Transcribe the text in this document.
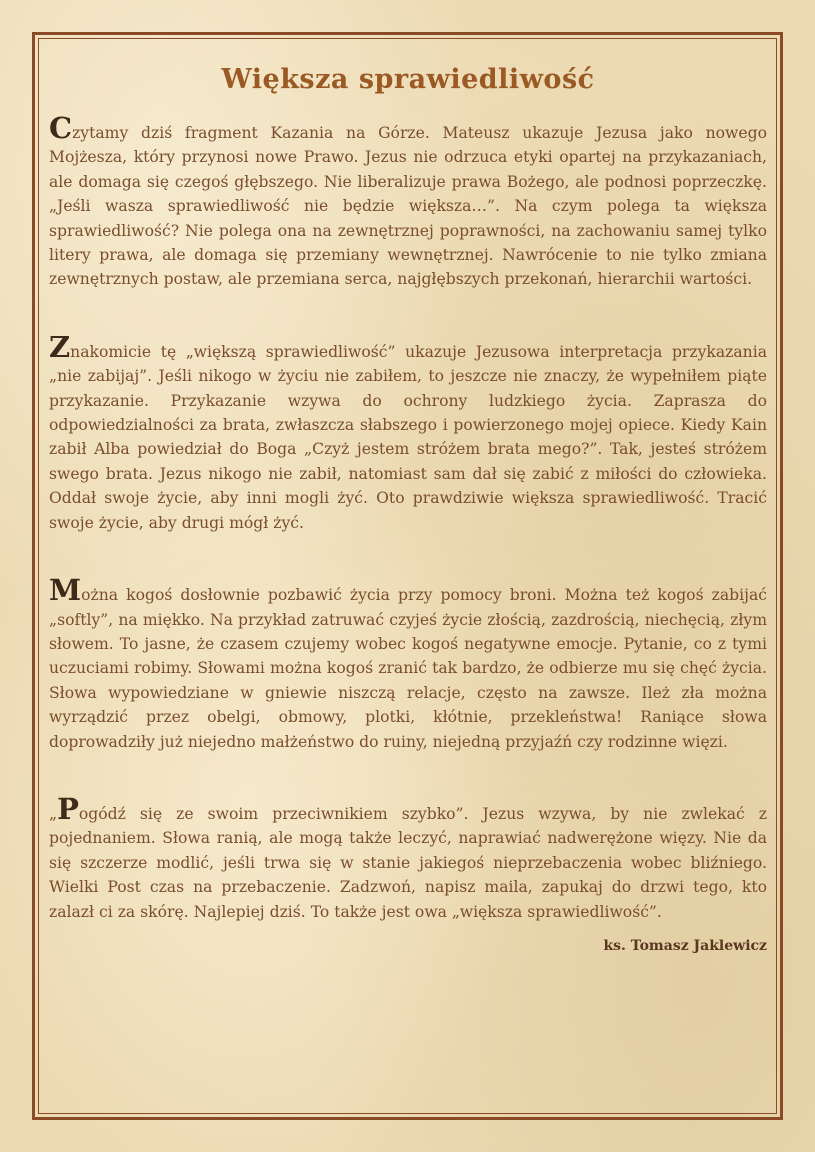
Większa sprawiedliwość

Czytamy dziś fragment Kazania na Górze. Mateusz ukazuje Jezusa jako nowego Mojżesza, który przynosi nowe Prawo. Jezus nie odrzuca etyki opartej na przykazaniach, ale domaga się czegoś głębszego. Nie liberalizuje prawa Bożego, ale podnosi poprzeczkę. „Jeśli wasza sprawiedliwość nie będzie większa…”. Na czym polega ta większa sprawiedliwość? Nie polega ona na zewnętrznej poprawności, na zachowaniu samej tylko litery prawa, ale domaga się przemiany wewnętrznej. Nawrócenie to nie tylko zmiana zewnętrznych postaw, ale przemiana serca, najgłębszych przekonań, hierarchii wartości.

Znakomicie tę „większą sprawiedliwość” ukazuje Jezusowa interpretacja przykazania „nie zabijaj”. Jeśli nikogo w życiu nie zabiłem, to jeszcze nie znaczy, że wypełniłem piąte przykazanie. Przykazanie wzywa do ochrony ludzkiego życia. Zaprasza do odpowiedzialności za brata, zwłaszcza słabszego i powierzonego mojej opiece. Kiedy Kain zabił Alba powiedział do Boga „Czyż jestem stróżem brata mego?”. Tak, jesteś stróżem swego brata. Jezus nikogo nie zabił, natomiast sam dał się zabić z miłości do człowieka. Oddał swoje życie, aby inni mogli żyć. Oto prawdziwie większa sprawiedliwość. Tracić swoje życie, aby drugi mógł żyć.

Można kogoś dosłownie pozbawić życia przy pomocy broni. Można też kogoś zabijać „softly”, na miękko. Na przykład zatruwać czyjeś życie złością, zazdrością, niechęcią, złym słowem. To jasne, że czasem czujemy wobec kogoś negatywne emocje. Pytanie, co z tymi uczuciami robimy. Słowami można kogoś zranić tak bardzo, że odbierze mu się chęć życia. Słowa wypowiedziane w gniewie niszczą relacje, często na zawsze. Ileż zła można wyrządzić przez obelgi, obmowy, plotki, kłótnie, przekleństwa! Raniące słowa doprowadziły już niejedno małżeństwo do ruiny, niejedną przyjaźń czy rodzinne więzi.

„Pogódź się ze swoim przeciwnikiem szybko”. Jezus wzywa, by nie zwlekać z pojednaniem. Słowa ranią, ale mogą także leczyć, naprawiać nadwerężone więzy. Nie da się szczerze modlić, jeśli trwa się w stanie jakiegoś nieprzebaczenia wobec bliźniego. Wielki Post czas na przebaczenie. Zadzwoń, napisz maila, zapukaj do drzwi tego, kto zalazł ci za skórę. Najlepiej dziś. To także jest owa „większa sprawiedliwość”.

ks. Tomasz Jaklewicz
